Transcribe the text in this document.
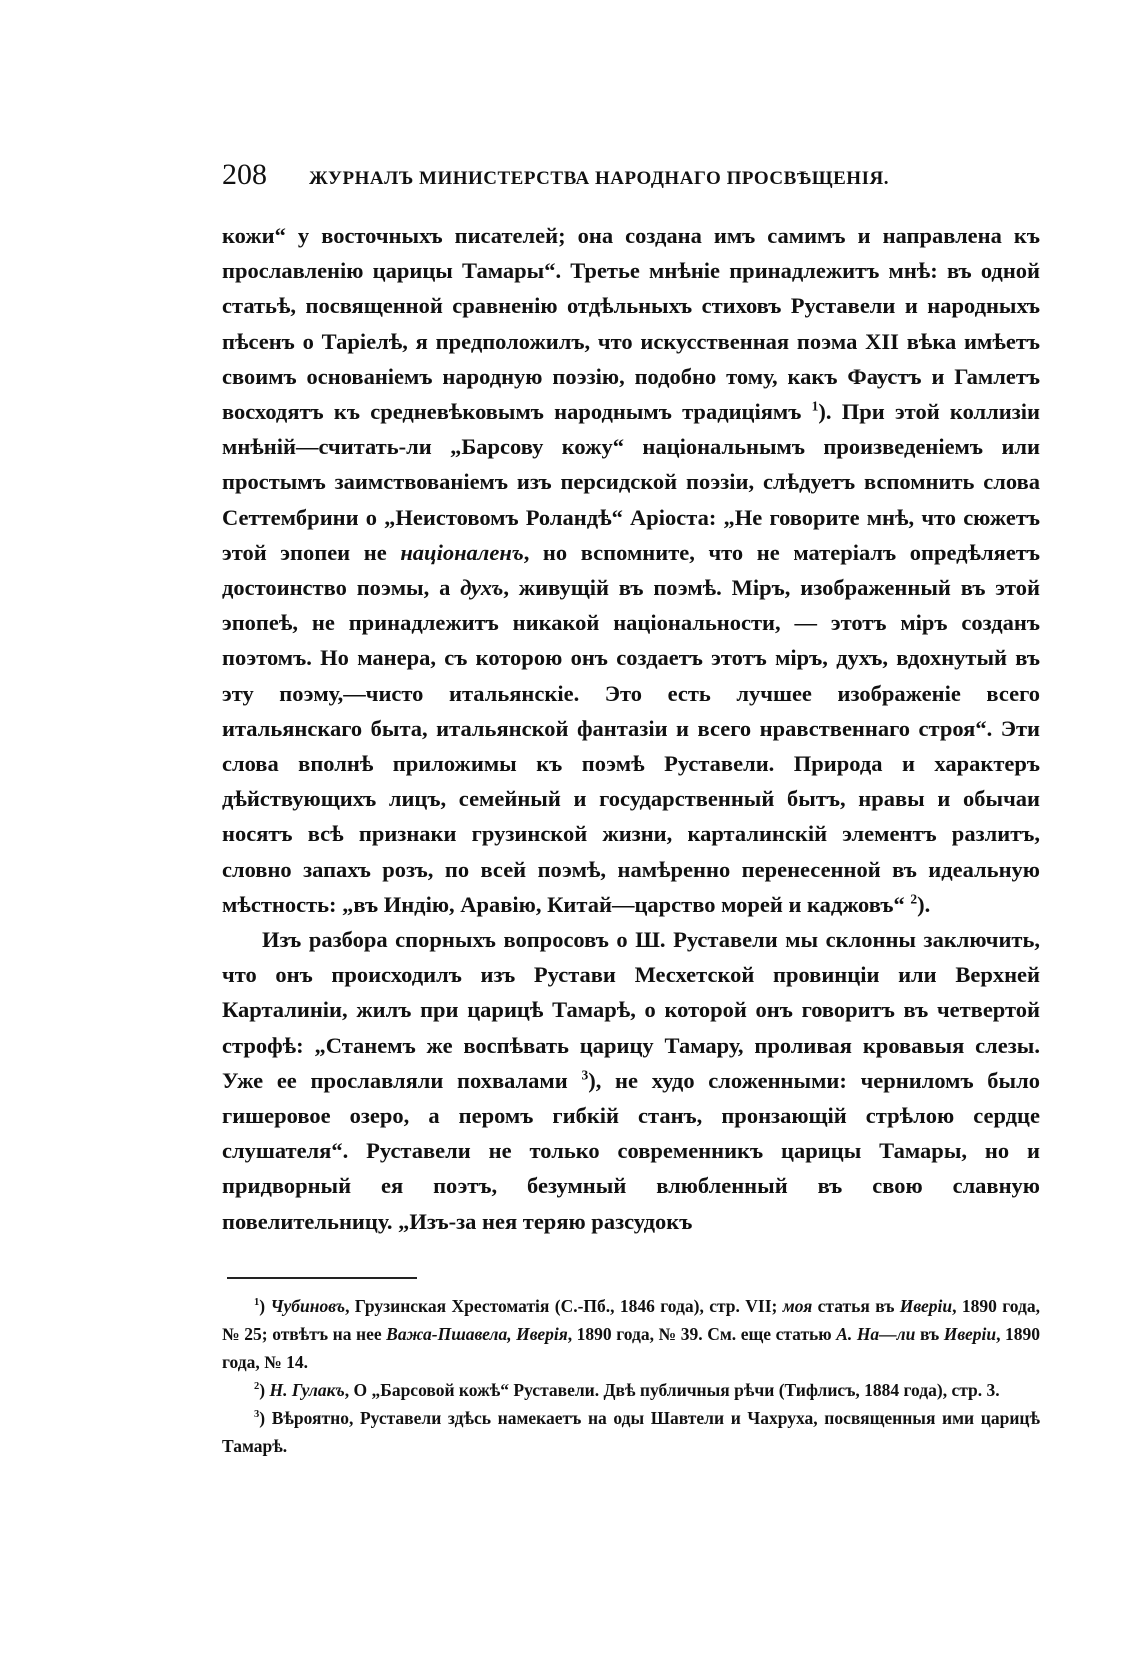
208 ЖУРНАЛЪ МИНИСТЕРСТВА НАРОДНАГО ПРОСВѢЩЕНІЯ.

кожи“ у восточныхъ писателей; она создана имъ самимъ и направлена къ прославленію царицы Тамары“. Третье мнѣніе принадлежитъ мнѣ: въ одной статьѣ, посвященной сравненію отдѣльныхъ стиховъ Руставели и народныхъ пѣсенъ о Таріелѣ, я предположилъ, что искусственная поэма XII вѣка имѣетъ своимъ основаніемъ народную поэзію, подобно тому, какъ Фаустъ и Гамлетъ восходятъ къ средневѣковымъ народнымъ традиціямъ $^1$). При этой коллизіи мнѣній—считать-ли „Барсову кожу“ національнымъ произведеніемъ или простымъ заимствованіемъ изъ персидской поэзіи, слѣдуетъ вспомнить слова Сеттембрини о „Неистовомъ Роландѣ“ Аріоста: „Не говорите мнѣ, что сюжетъ этой эпопеи не націоналенъ, но вспомните, что не матеріалъ опредѣляетъ достоинство поэмы, а духъ, живущій въ поэмѣ. Міръ, изображенный въ этой эпопеѣ, не принадлежитъ никакой національности, — этотъ міръ созданъ поэтомъ. Но манера, съ которою онъ создаетъ этотъ міръ, духъ, вдохнутый въ эту поэму,—чисто итальянскіе. Это есть лучшее изображеніе всего итальянскаго быта, итальянской фантазіи и всего нравственнаго строя“. Эти слова вполнѣ приложимы къ поэмѣ Руставели. Природа и характеръ дѣйствующихъ лицъ, семейный и государственный бытъ, нравы и обычаи носятъ всѣ признаки грузинской жизни, карталинскій элементъ разлитъ, словно запахъ розъ, по всей поэмѣ, намѣренно перенесенной въ идеальную мѣстность: „въ Индію, Аравію, Китай—царство морей и каджовъ“ $^2$).

Изъ разбора спорныхъ вопросовъ о Ш. Руставели мы склонны заключить, что онъ происходилъ изъ Рустави Месхетской провинціи или Верхней Карталиніи, жилъ при царицѣ Тамарѣ, о которой онъ говоритъ въ четвертой строфѣ: „Станемъ же воспѣвать царицу Тамару, проливая кровавыя слезы. Уже ее прославляли похвалами $^3$), не худо сложенными: черниломъ было гишеровое озеро, а перомъ гибкій станъ, пронзающій стрѣлою сердце слушателя“. Руставели не только современникъ царицы Тамары, но и придворный ея поэтъ, безумный влюбленный въ свою славную повелительницу. „Изъ-за нея теряю разсудокъ

$^1$) Чубиновъ, Грузинская Хрестоматія (С.-Пб., 1846 года), стр. VII; моя статья въ Иверіи, 1890 года, № 25; отвѣтъ на нее Важа-Пшавела, Иверія, 1890 года, № 39. См. еще статью А. На—ли въ Иверіи, 1890 года, № 14.

$^2$) Н. Гулакъ, О „Барсовой кожѣ“ Руставели. Двѣ публичныя рѣчи (Тифлисъ, 1884 года), стр. 3.

$^3$) Вѣроятно, Руставели здѣсь намекаетъ на оды Шавтели и Чахруха, посвященныя ими царицѣ Тамарѣ.
